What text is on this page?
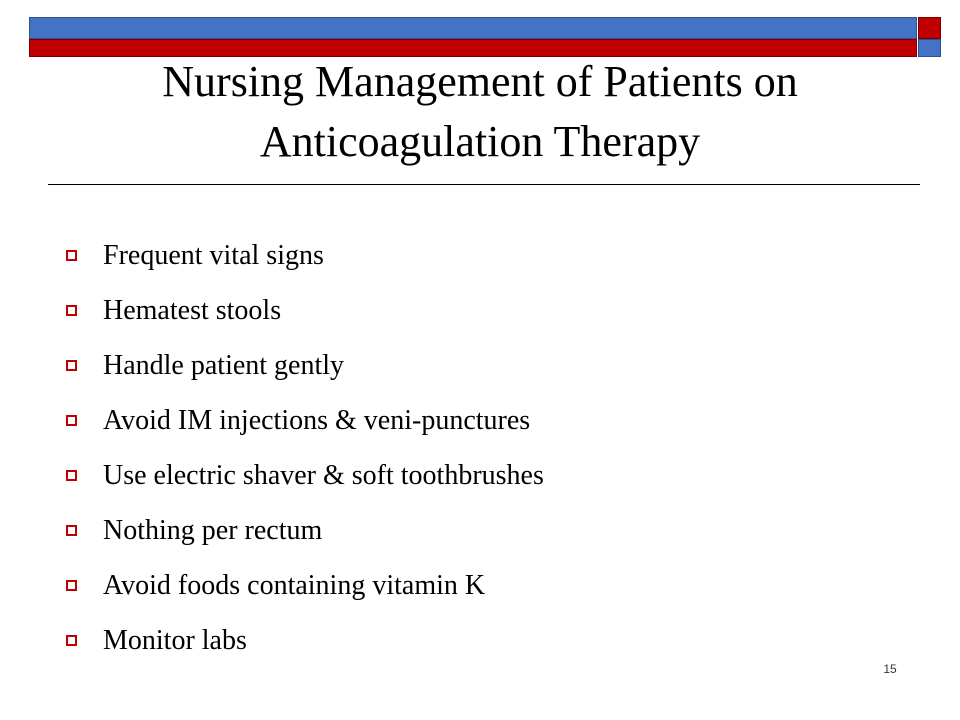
Nursing Management of Patients on
Anticoagulation Therapy
Frequent vital signs
Hematest stools
Handle patient gently
Avoid IM injections & veni-punctures
Use electric shaver & soft toothbrushes
Nothing per rectum
Avoid foods containing vitamin K
Monitor labs
15
